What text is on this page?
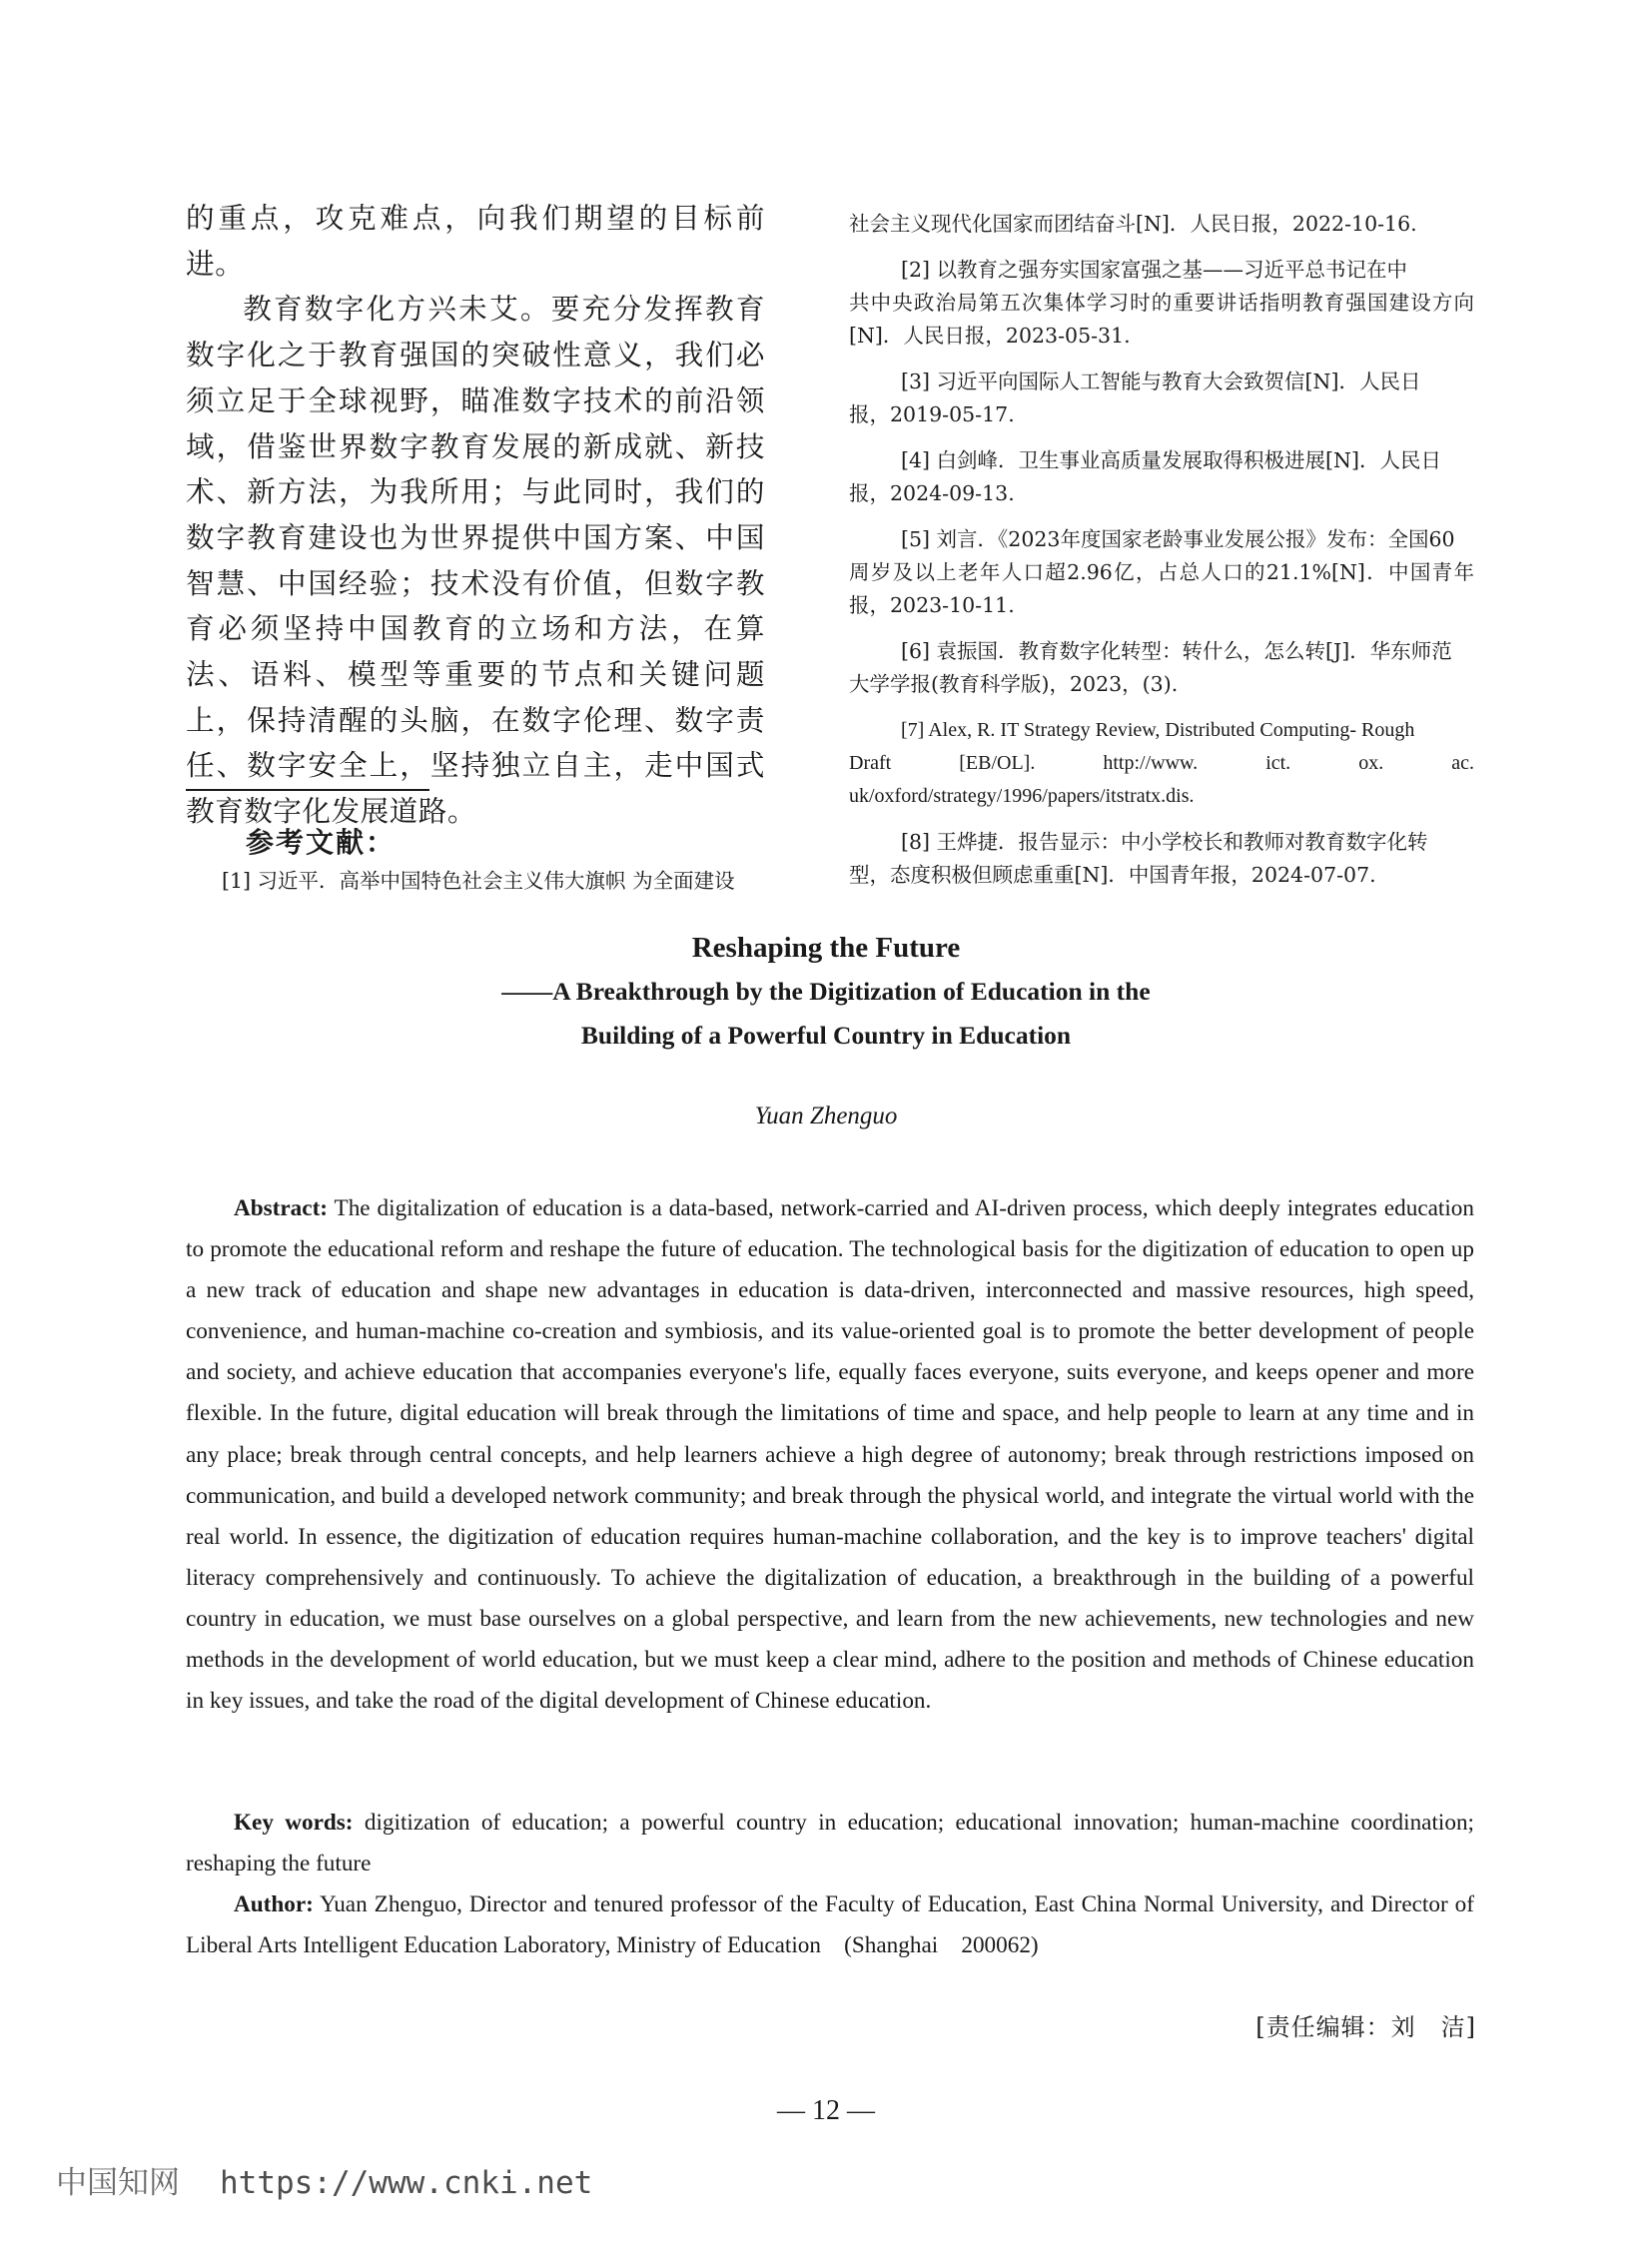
的重点，攻克难点，向我们期望的目标前进。

教育数字化方兴未艾。要充分发挥教育数字化之于教育强国的突破性意义，我们必须立足于全球视野，瞄准数字技术的前沿领域，借鉴世界数字教育发展的新成就、新技术、新方法，为我所用；与此同时，我们的数字教育建设也为世界提供中国方案、中国智慧、中国经验；技术没有价值，但数字教育必须坚持中国教育的立场和方法，在算法、语料、模型等重要的节点和关键问题上，保持清醒的头脑，在数字伦理、数字责任、数字安全上，坚持独立自主，走中国式教育数字化发展道路。

参考文献：
[1] 习近平．高举中国特色社会主义伟大旗帜 为全面建设
社会主义现代化国家而团结奋斗[N]．人民日报，2022-10-16.
[2] 以教育之强夯实国家富强之基——习近平总书记在中
共中央政治局第五次集体学习时的重要讲话指明教育强国建设方向[N]．人民日报，2023-05-31.
[3] 习近平向国际人工智能与教育大会致贺信[N]．人民日
报，2019-05-17.
[4] 白剑峰．卫生事业高质量发展取得积极进展[N]．人民日
报，2024-09-13.
[5] 刘言．《2023年度国家老龄事业发展公报》发布：全国60
周岁及以上老年人口超2.96亿，占总人口的21.1%[N]．中国青年报，2023-10-11.
[6] 袁振国．教育数字化转型：转什么，怎么转[J]．华东师范
大学学报(教育科学版)，2023，(3).
[7] Alex, R. IT Strategy Review, Distributed Computing- Rough
Draft [EB/OL]. http://www. ict. ox. ac. uk/oxford/strategy/1996/papers/itstratx.dis.
[8] 王烨捷．报告显示：中小学校长和教师对教育数字化转
型，态度积极但顾虑重重[N]．中国青年报，2024-07-07.
Reshaping the Future
——A Breakthrough by the Digitization of Education in the
Building of a Powerful Country in Education
Yuan Zhenguo

Abstract: The digitalization of education is a data-based, network-carried and AI-driven process, which deeply integrates education to promote the educational reform and reshape the future of education. The technological basis for the digitization of education to open up a new track of education and shape new advantages in education is data-driven, interconnected and massive resources, high speed, convenience, and human-machine co-creation and symbiosis, and its value-oriented goal is to promote the better development of people and society, and achieve education that accompanies everyone's life, equally faces everyone, suits everyone, and keeps opener and more flexible. In the future, digital education will break through the limitations of time and space, and help people to learn at any time and in any place; break through central concepts, and help learners achieve a high degree of autonomy; break through restrictions imposed on communication, and build a developed network community; and break through the physical world, and integrate the virtual world with the real world. In essence, the digitization of education requires human-machine collaboration, and the key is to improve teachers' digital literacy comprehensively and continuously. To achieve the digitalization of education, a breakthrough in the building of a powerful country in education, we must base ourselves on a global perspective, and learn from the new achievements, new technologies and new methods in the development of world education, but we must keep a clear mind, adhere to the position and methods of Chinese education in key issues, and take the road of the digital development of Chinese education.

Key words: digitization of education; a powerful country in education; educational innovation; human-machine coordination; reshaping the future

Author: Yuan Zhenguo, Director and tenured professor of the Faculty of Education, East China Normal University, and Director of Liberal Arts Intelligent Education Laboratory, Ministry of Education (Shanghai 200062)

[责任编辑：刘　洁]
— 12 —
中国知网 https://www.cnki.net
